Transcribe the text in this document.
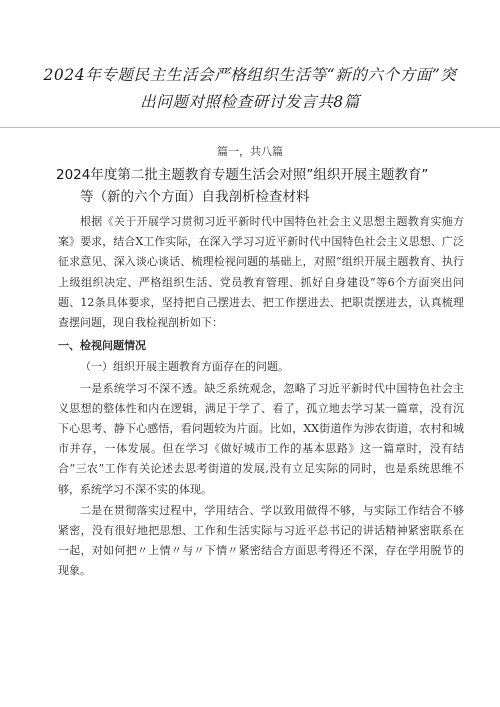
2024年专题民主生活会严格组织生活等“新的六个方面”突出问题对照检查研讨发言共8篇
篇一，共八篇
2024年度第二批主题教育专题生活会对照”组织开展主题教育”
等（新的六个方面）自我剖析检查材料

根据《关于开展学习贯彻习近平新时代中国特色社会主义思想主题教育实施方案》要求，结合X工作实际，在深入学习习近平新时代中国特色社会主义思想、广泛征求意见、深入谈心谈话、梳理检视问题的基础上，对照“组织开展主题教育、执行上级组织决定、严格组织生活、党员教育管理、抓好自身建设”等6个方面突出问题、12条具体要求，坚持把自己摆进去、把工作摆进去、把职责摆进去，认真梳理查摆问题，现自我检视剖析如下：

一、检视问题情况

（一）组织开展主题教育方面存在的问题。

一是系统学习不深不透。缺乏系统观念，忽略了习近平新时代中国特色社会主义思想的整体性和内在逻辑，满足于学了、看了，孤立地去学习某一篇章，没有沉下心思考、静下心感悟，看问题较为片面。比如，XX街道作为涉农街道，农村和城市并存，一体发展。但在学习《做好城市工作的基本思路》这一篇章时，没有结合“三农”工作有关论述去思考街道的发展,没有立足实际的同时，也是系统思维不够，系统学习不深不实的体现。

二是在贯彻落实过程中，学用结合、学以致用做得不够，与实际工作结合不够紧密，没有很好地把思想、工作和生活实际与习近平总书记的讲话精神紧密联系在一起，对如何把〃上情〃与〃下情〃紧密结合方面思考得还不深，存在学用脱节的现象。
